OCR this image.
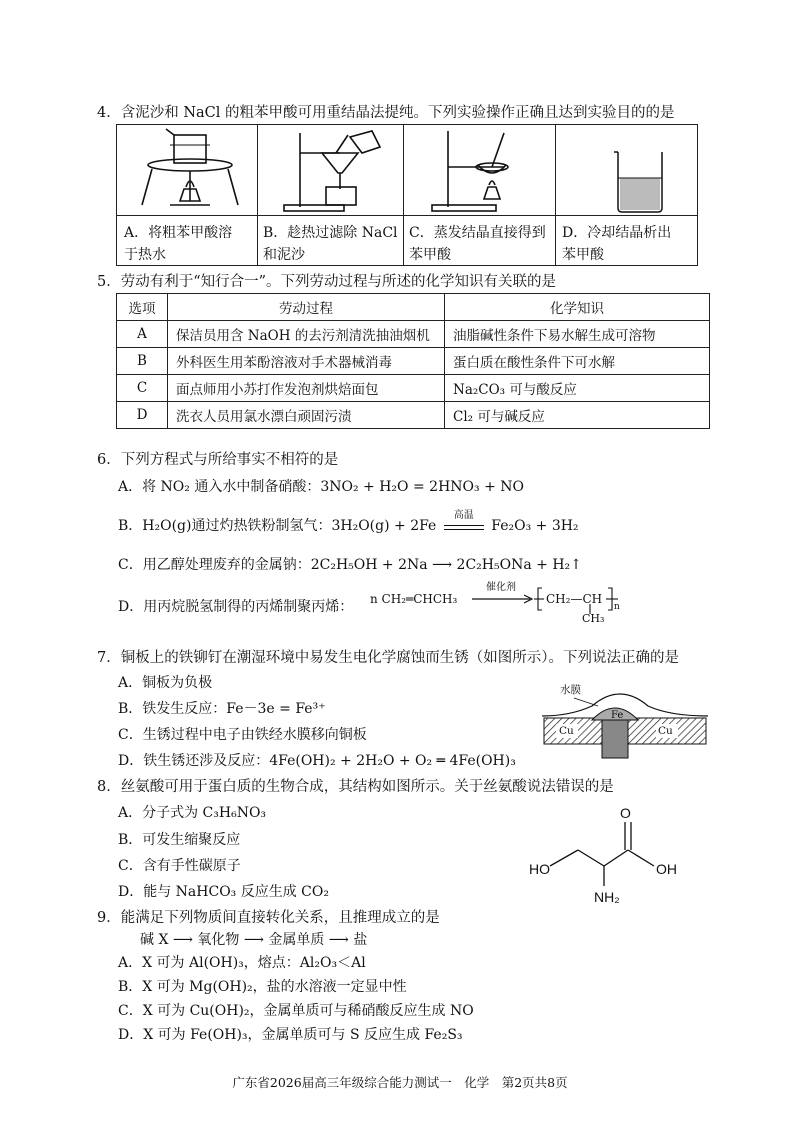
4．含泥沙和 NaCl 的粗苯甲酸可用重结晶法提纯。下列实验操作正确且达到实验目的的是
A．将粗苯甲酸溶
于热水
B．趁热过滤除 NaCl
和泥沙
C．蒸发结晶直接得到
苯甲酸
D．冷却结晶析出
苯甲酸
5．劳动有利于“知行合一”。下列劳动过程与所述的化学知识有关联的是
选项	劳动过程	化学知识
A	保洁员用含 NaOH 的去污剂清洗抽油烟机	油脂碱性条件下易水解生成可溶物
B	外科医生用苯酚溶液对手术器械消毒	蛋白质在酸性条件下可水解
C	面点师用小苏打作发泡剂烘焙面包	Na₂CO₃ 可与酸反应
D	洗衣人员用氯水漂白顽固污渍	Cl₂ 可与碱反应
6．下列方程式与所给事实不相符的是
A．将 NO₂ 通入水中制备硝酸：3NO₂ + H₂O = 2HNO₃ + NO
B．H₂O(g)通过灼热铁粉制氢气：3H₂O(g) + 2Fe
高温
Fe₂O₃ + 3H₂
C．用乙醇处理废弃的金属钠：2C₂H₅OH + 2Na ⟶ 2C₂H₅ONa + H₂↑
D．用丙烷脱氢制得的丙烯制聚丙烯： n CH₂═CHCH₃
催化剂
→ CH₂—CH
CH₃
n
7．铜板上的铁铆钉在潮湿环境中易发生电化学腐蚀而生锈（如图所示）。下列说法正确的是
A．铜板为负极
B．铁发生反应：Fe－3e = Fe³⁺
C．生锈过程中电子由铁经水膜移向铜板
D．铁生锈还涉及反应：4Fe(OH)₂ + 2H₂O + O₂ ═ 4Fe(OH)₃
水膜
Fe
Cu	Cu
8．丝氨酸可用于蛋白质的生物合成，其结构如图所示。关于丝氨酸说法错误的是
A．分子式为 C₃H₆NO₃
B．可发生缩聚反应
C．含有手性碳原子
D．能与 NaHCO₃ 反应生成 CO₂
O
HO	OH
NH₂
9．能满足下列物质间直接转化关系，且推理成立的是
碱 X ⟶ 氧化物 ⟶ 金属单质 ⟶ 盐
A．X 可为 Al(OH)₃，熔点：Al₂O₃＜Al
B．X 可为 Mg(OH)₂，盐的水溶液一定显中性
C．X 可为 Cu(OH)₂，金属单质可与稀硝酸反应生成 NO
D．X 可为 Fe(OH)₃，金属单质可与 S 反应生成 Fe₂S₃
广东省2026届高三年级综合能力测试一　化学　第2页共8页
